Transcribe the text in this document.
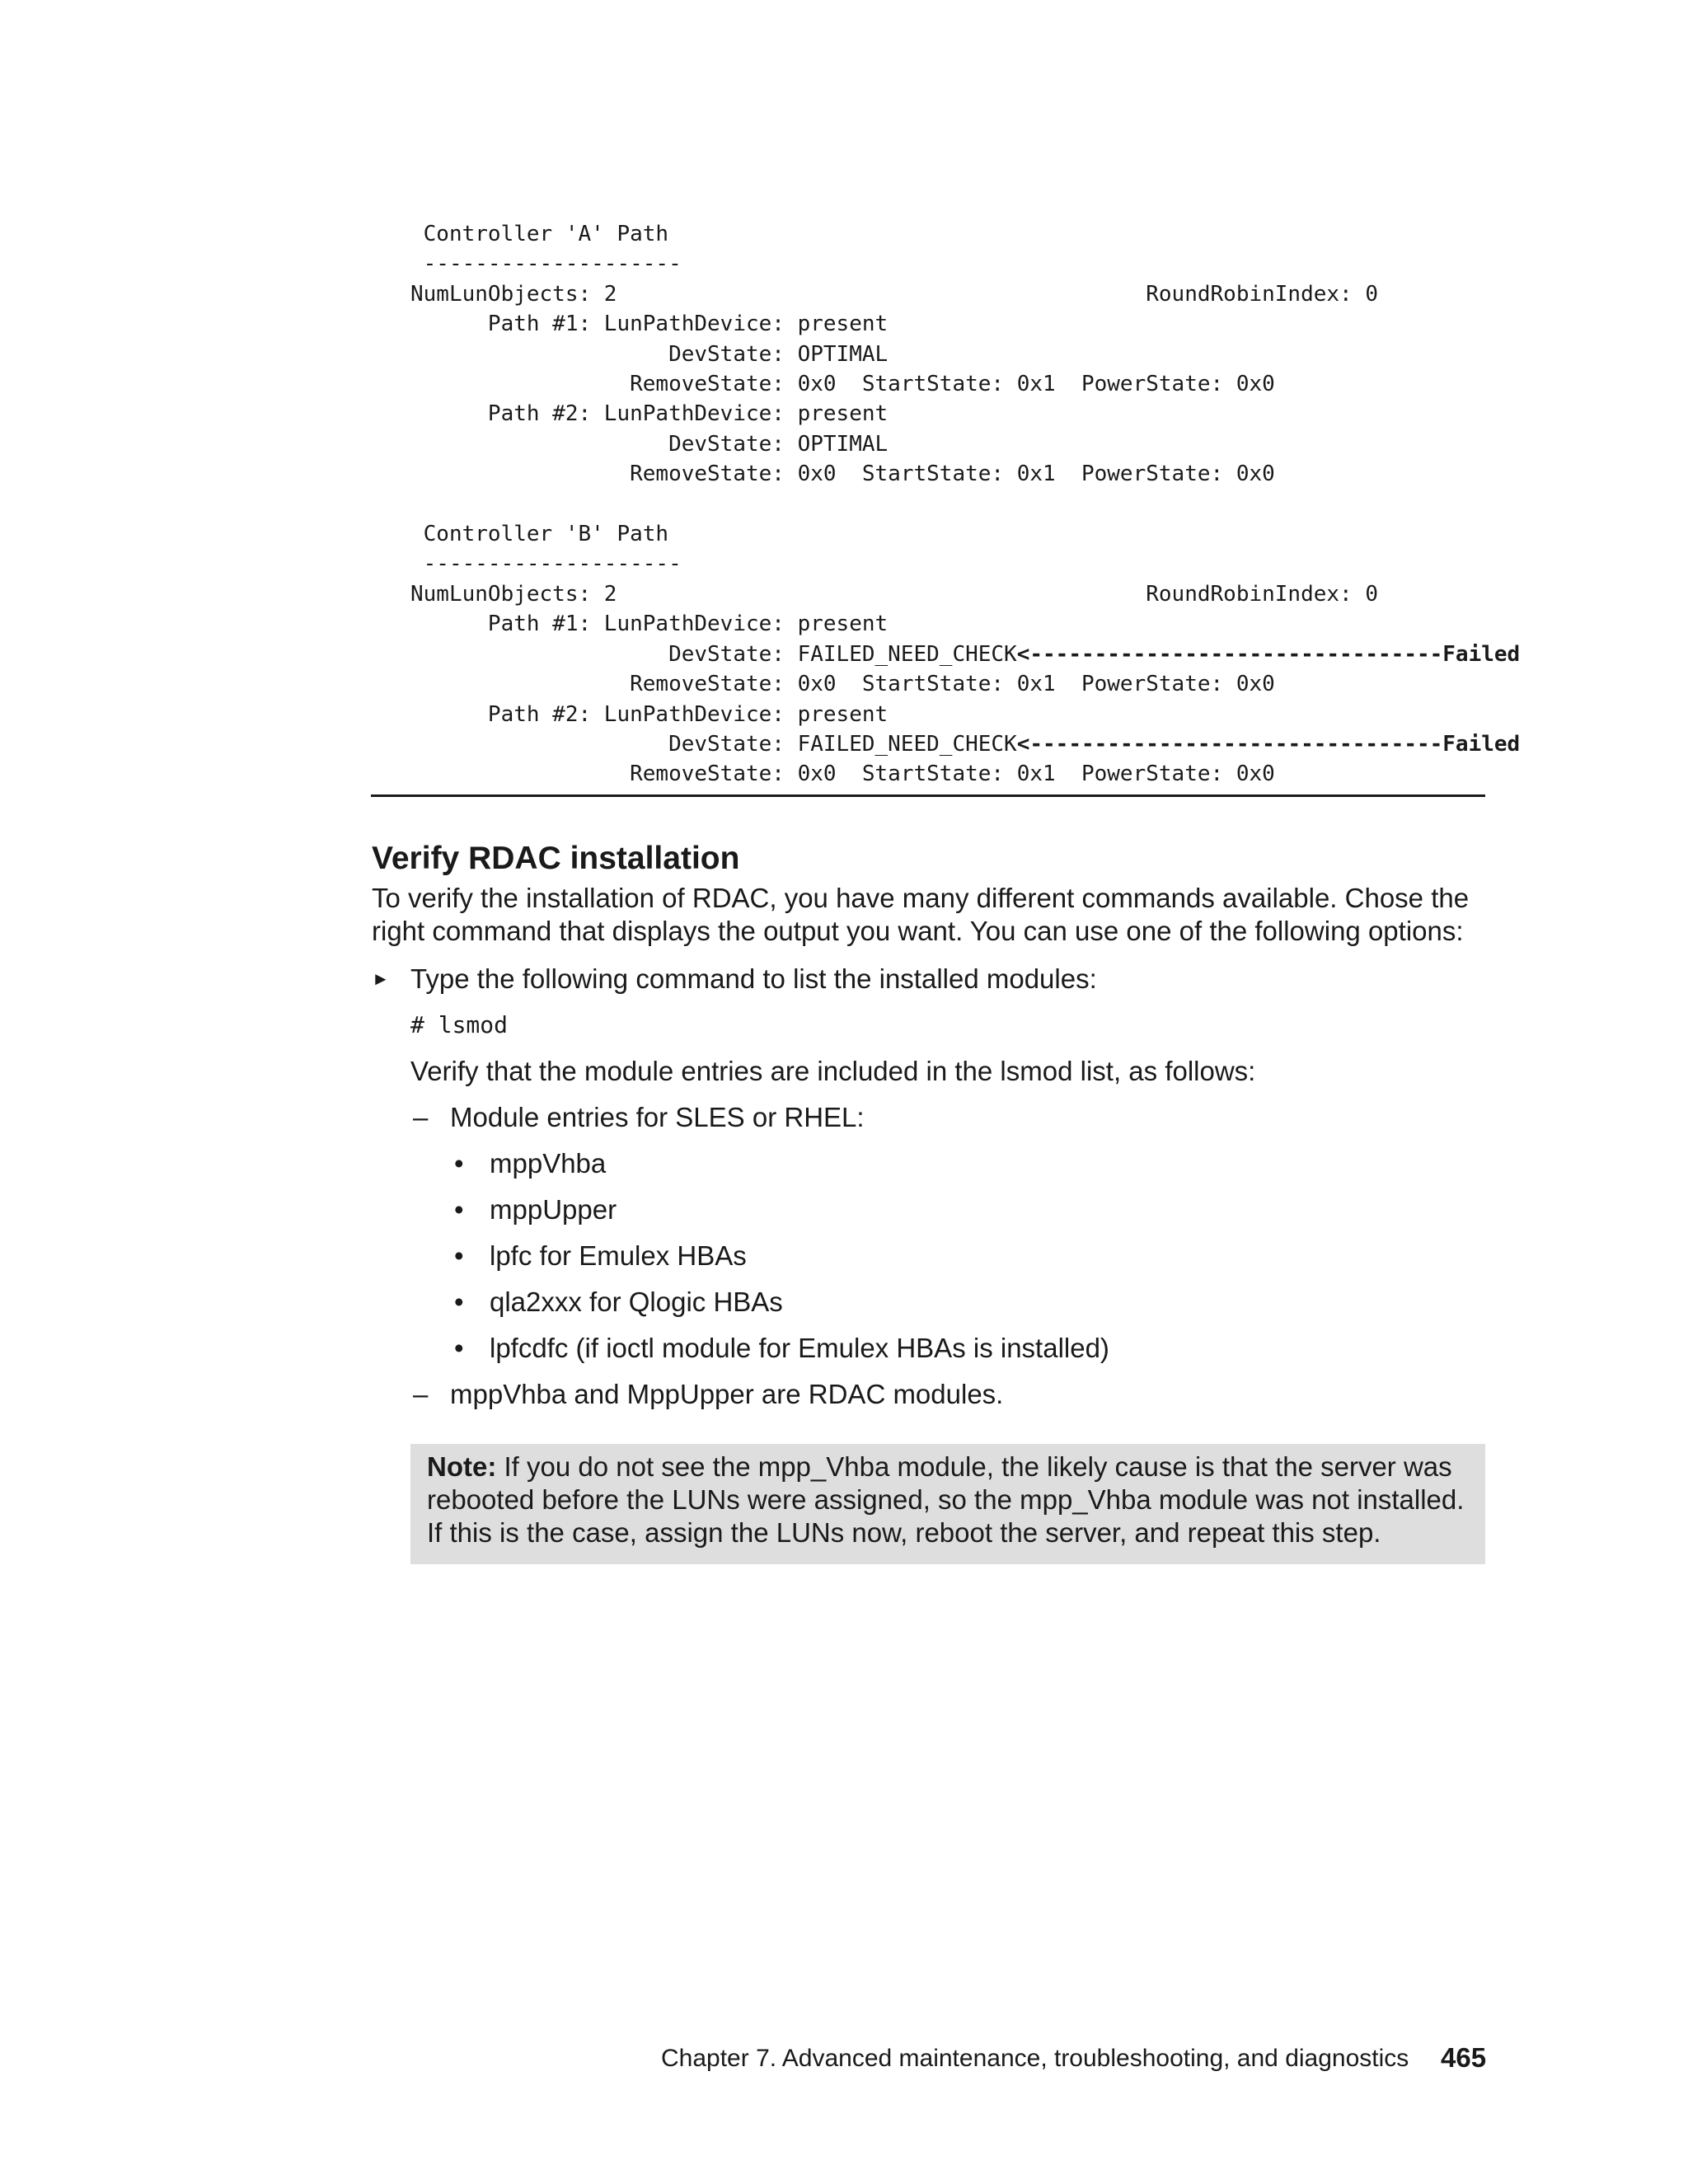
Controller 'A' Path
--------------------
NumLunObjects: 2                                         RoundRobinIndex: 0
Path #1: LunPathDevice: present
DevState: OPTIMAL
RemoveState: 0x0  StartState: 0x1  PowerState: 0x0
Path #2: LunPathDevice: present
DevState: OPTIMAL
RemoveState: 0x0  StartState: 0x1  PowerState: 0x0

Controller 'B' Path
--------------------
NumLunObjects: 2                                         RoundRobinIndex: 0
Path #1: LunPathDevice: present
DevState: FAILED_NEED_CHECK<--------------------------------Failed
RemoveState: 0x0  StartState: 0x1  PowerState: 0x0
Path #2: LunPathDevice: present
DevState: FAILED_NEED_CHECK<--------------------------------Failed
RemoveState: 0x0  StartState: 0x1  PowerState: 0x0
Verify RDAC installation

To verify the installation of RDAC, you have many different commands available. Chose the right command that displays the output you want. You can use one of the following options:

► Type the following command to list the installed modules:

# lsmod

Verify that the module entries are included in the lsmod list, as follows:

– Module entries for SLES or RHEL:

• mppVhba

• mppUpper

• lpfc for Emulex HBAs

• qla2xxx for Qlogic HBAs

• lpfcdfc (if ioctl module for Emulex HBAs is installed)

– mppVhba and MppUpper are RDAC modules.

Note: If you do not see the mpp_Vhba module, the likely cause is that the server was rebooted before the LUNs were assigned, so the mpp_Vhba module was not installed. If this is the case, assign the LUNs now, reboot the server, and repeat this step.

Chapter 7. Advanced maintenance, troubleshooting, and diagnostics 465
